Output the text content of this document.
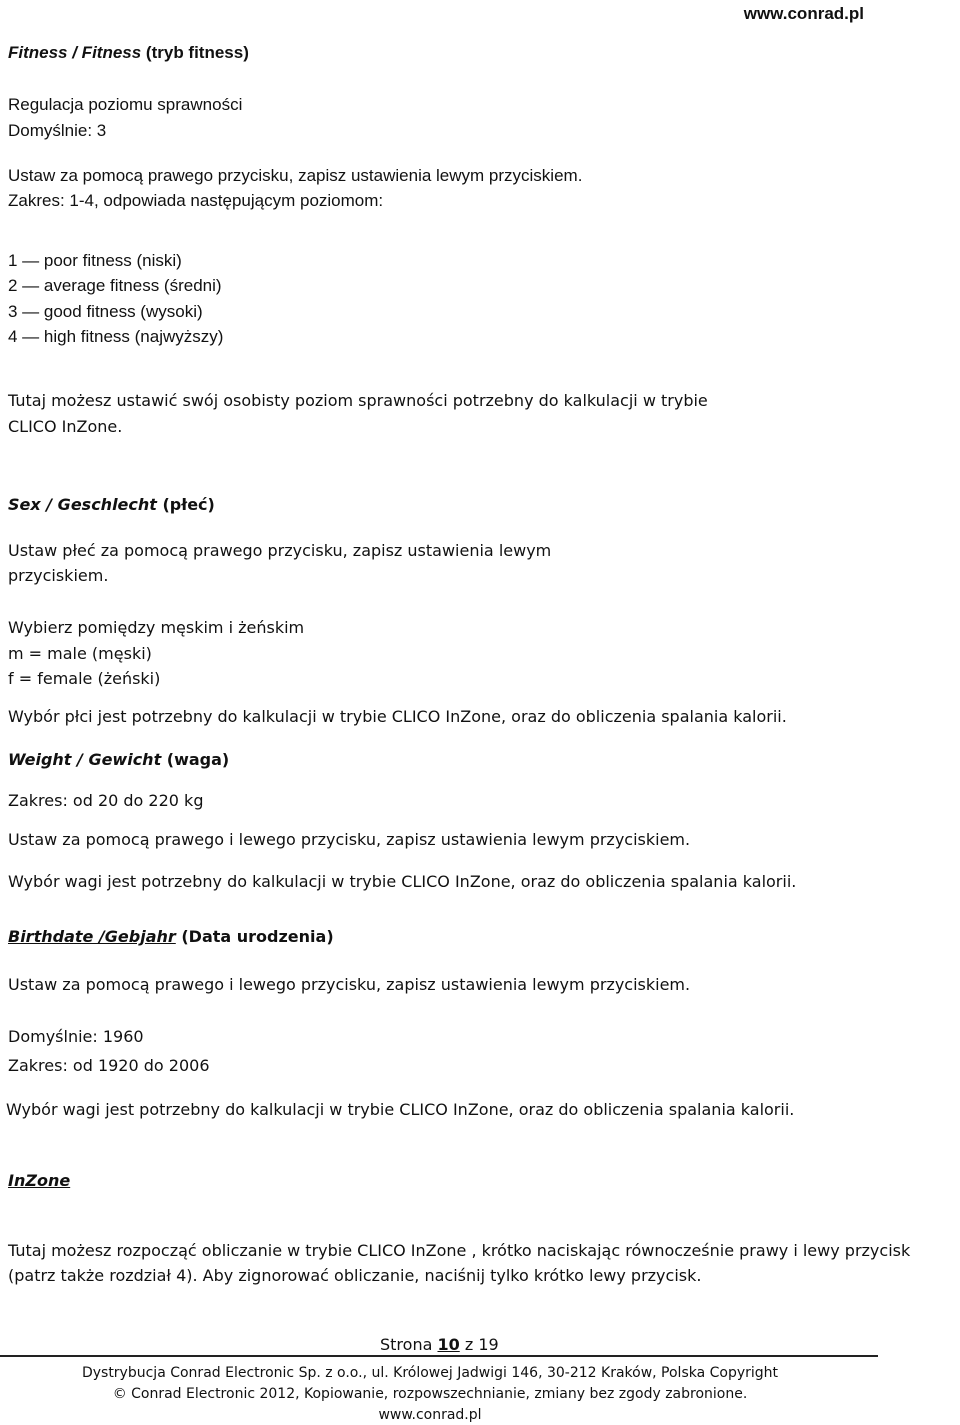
www.conrad.pl
Fitness / Fitness (tryb fitness)
Regulacja poziomu sprawności
Domyślnie: 3
Ustaw za pomocą prawego przycisku, zapisz ustawienia lewym przyciskiem.
Zakres: 1-4, odpowiada następującym poziomom:
1 — poor fitness (niski)
2 — average fitness (średni)
3 — good fitness (wysoki)
4 — high fitness (najwyższy)
Tutaj możesz ustawić swój osobisty poziom sprawności potrzebny do kalkulacji w trybie
CLICO InZone.
Sex / Geschlecht (płeć)
Ustaw płeć za pomocą prawego przycisku, zapisz ustawienia lewym
przyciskiem.
Wybierz pomiędzy męskim i żeńskim
m = male (męski)
f = female (żeński)
Wybór płci jest potrzebny do kalkulacji w trybie CLICO InZone, oraz do obliczenia spalania kalorii.
Weight / Gewicht (waga)
Zakres: od 20 do 220 kg
Ustaw za pomocą prawego i lewego przycisku, zapisz ustawienia lewym przyciskiem.
Wybór wagi jest potrzebny do kalkulacji w trybie CLICO InZone, oraz do obliczenia spalania kalorii.
Birthdate /Gebjahr (Data urodzenia)
Ustaw za pomocą prawego i lewego przycisku, zapisz ustawienia lewym przyciskiem.
Domyślnie: 1960
Zakres: od 1920 do 2006
Wybór wagi jest potrzebny do kalkulacji w trybie CLICO InZone, oraz do obliczenia spalania kalorii.
InZone
Tutaj możesz rozpocząć obliczanie w trybie CLICO InZone , krótko naciskając równocześnie prawy i lewy przycisk
(patrz także rozdział 4). Aby zignorować obliczanie, naciśnij tylko krótko lewy przycisk.
Strona 10 z 19
Dystrybucja Conrad Electronic Sp. z o.o., ul. Królowej Jadwigi 146, 30-212 Kraków, Polska Copyright
© Conrad Electronic 2012, Kopiowanie, rozpowszechnianie, zmiany bez zgody zabronione.
www.conrad.pl
